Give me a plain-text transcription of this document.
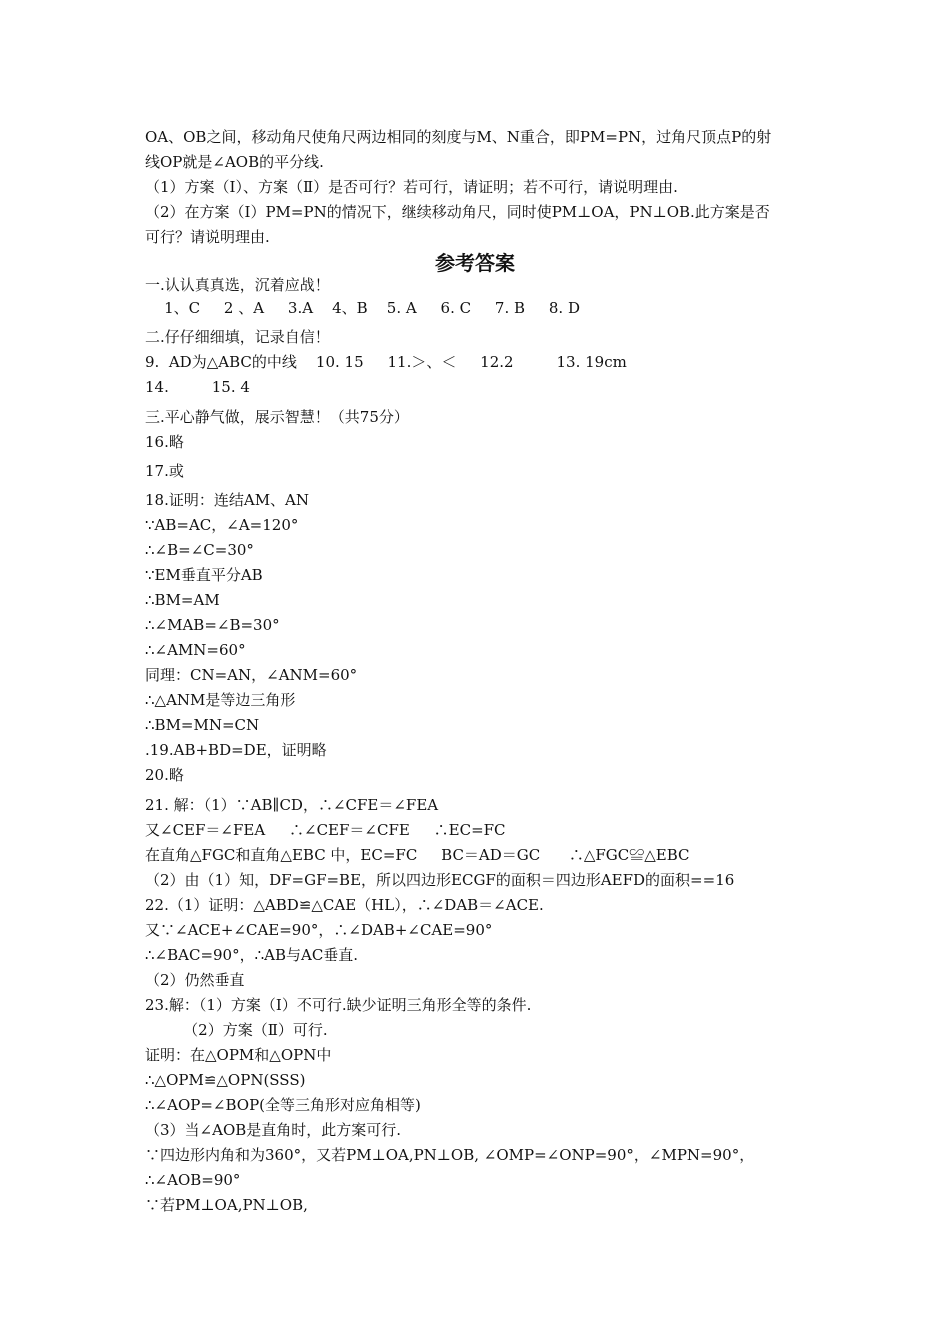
OA、OB之间，移动角尺使角尺两边相同的刻度与M、N重合，即PM=PN，过角尺顶点P的射
线OP就是∠AOB的平分线.
（1）方案（Ⅰ）、方案（Ⅱ）是否可行？若可行，请证明；若不可行，请说明理由.
（2）在方案（Ⅰ）PM=PN的情况下，继续移动角尺，同时使PM⊥OA，PN⊥OB.此方案是否
可行？请说明理由.
参考答案
一.认认真真选，沉着应战！
1、C     2 、A     3.A    4、B    5. A     6. C     7. B     8. D
二.仔仔细细填，记录自信！
9.  AD为△ABC的中线    10. 15     11.＞、＜     12.2         13. 19cm
14.         15. 4
三.平心静气做，展示智慧！（共75分）
16.略
17.或
18.证明：连结AM、AN
∵AB=AC，∠A=120°
∴∠B=∠C=30°
∵EM垂直平分AB
∴BM=AM
∴∠MAB=∠B=30°
∴∠AMN=60°
同理：CN=AN，∠ANM=60°
∴△ANM是等边三角形
∴BM=MN=CN
.19.AB+BD=DE，证明略
20.略
21. 解：（1）∵AB∥CD，∴∠CFE＝∠FEA
又∠CEF＝∠FEA     ∴∠CEF＝∠CFE     ∴EC=FC
在直角△FGC和直角△EBC 中，EC=FC     BC＝AD＝GC      ∴△FGC≌△EBC
（2）由（1）知，DF=GF=BE，所以四边形ECGF的面积＝四边形AEFD的面积==16
22.（1）证明：△ABD≌△CAE（HL），∴∠DAB＝∠ACE.
又∵∠ACE+∠CAE=90°，∴∠DAB+∠CAE=90°
∴∠BAC=90°，∴AB与AC垂直.
（2）仍然垂直
23.解：（1）方案（Ⅰ）不可行.缺少证明三角形全等的条件.
（2）方案（Ⅱ）可行.
证明：在△OPM和△OPN中
∴△OPM≌△OPN(SSS)
∴∠AOP=∠BOP(全等三角形对应角相等)
（3）当∠AOB是直角时，此方案可行.
∵四边形内角和为360°，又若PM⊥OA,PN⊥OB, ∠OMP=∠ONP=90°，∠MPN=90°，
∴∠AOB=90°
∵若PM⊥OA,PN⊥OB,
